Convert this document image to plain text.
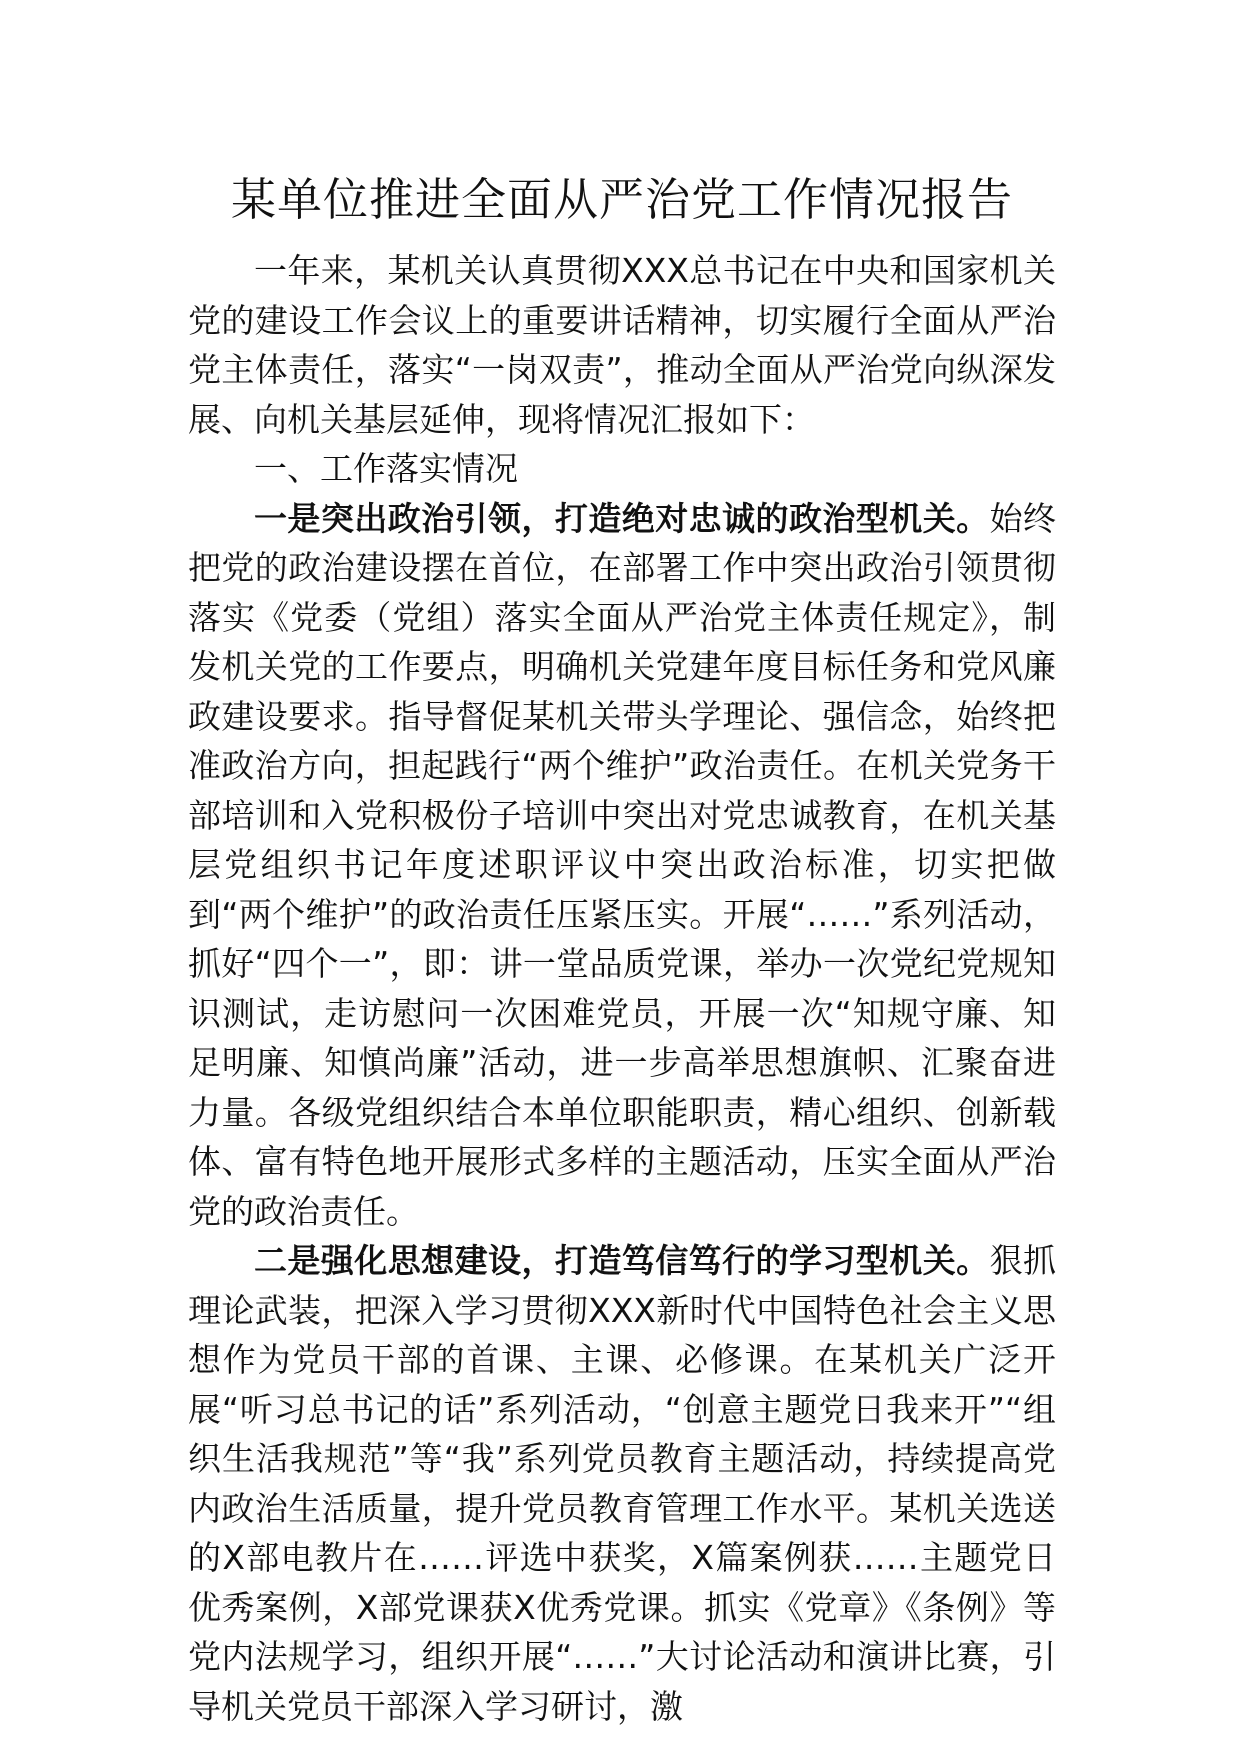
某单位推进全面从严治党工作情况报告

一年来，某机关认真贯彻XXX总书记在中央和国家机关党的建设工作会议上的重要讲话精神，切实履行全面从严治党主体责任，落实“一岗双责”，推动全面从严治党向纵深发展、向机关基层延伸，现将情况汇报如下：

一、工作落实情况

一是突出政治引领，打造绝对忠诚的政治型机关。始终把党的政治建设摆在首位，在部署工作中突出政治引领贯彻落实《党委（党组）落实全面从严治党主体责任规定》，制发机关党的工作要点，明确机关党建年度目标任务和党风廉政建设要求。指导督促某机关带头学理论、强信念，始终把准政治方向，担起践行“两个维护”政治责任。在机关党务干部培训和入党积极份子培训中突出对党忠诚教育，在机关基层党组织书记年度述职评议中突出政治标准，切实把做到“两个维护”的政治责任压紧压实。开展“……”系列活动，抓好“四个一”，即：讲一堂品质党课，举办一次党纪党规知识测试，走访慰问一次困难党员，开展一次“知规守廉、知足明廉、知慎尚廉”活动，进一步高举思想旗帜、汇聚奋进力量。各级党组织结合本单位职能职责，精心组织、创新载体、富有特色地开展形式多样的主题活动，压实全面从严治党的政治责任。

二是强化思想建设，打造笃信笃行的学习型机关。狠抓理论武装，把深入学习贯彻XXX新时代中国特色社会主义思想作为党员干部的首课、主课、必修课。在某机关广泛开展“听习总书记的话”系列活动，“创意主题党日我来开”“组织生活我规范”等“我”系列党员教育主题活动，持续提高党内政治生活质量，提升党员教育管理工作水平。某机关选送的X部电教片在……评选中获奖，X篇案例获……主题党日优秀案例，X部党课获X优秀党课。抓实《党章》《条例》等党内法规学习，组织开展“……”大讨论活动和演讲比赛，引导机关党员干部深入学习研讨，激
